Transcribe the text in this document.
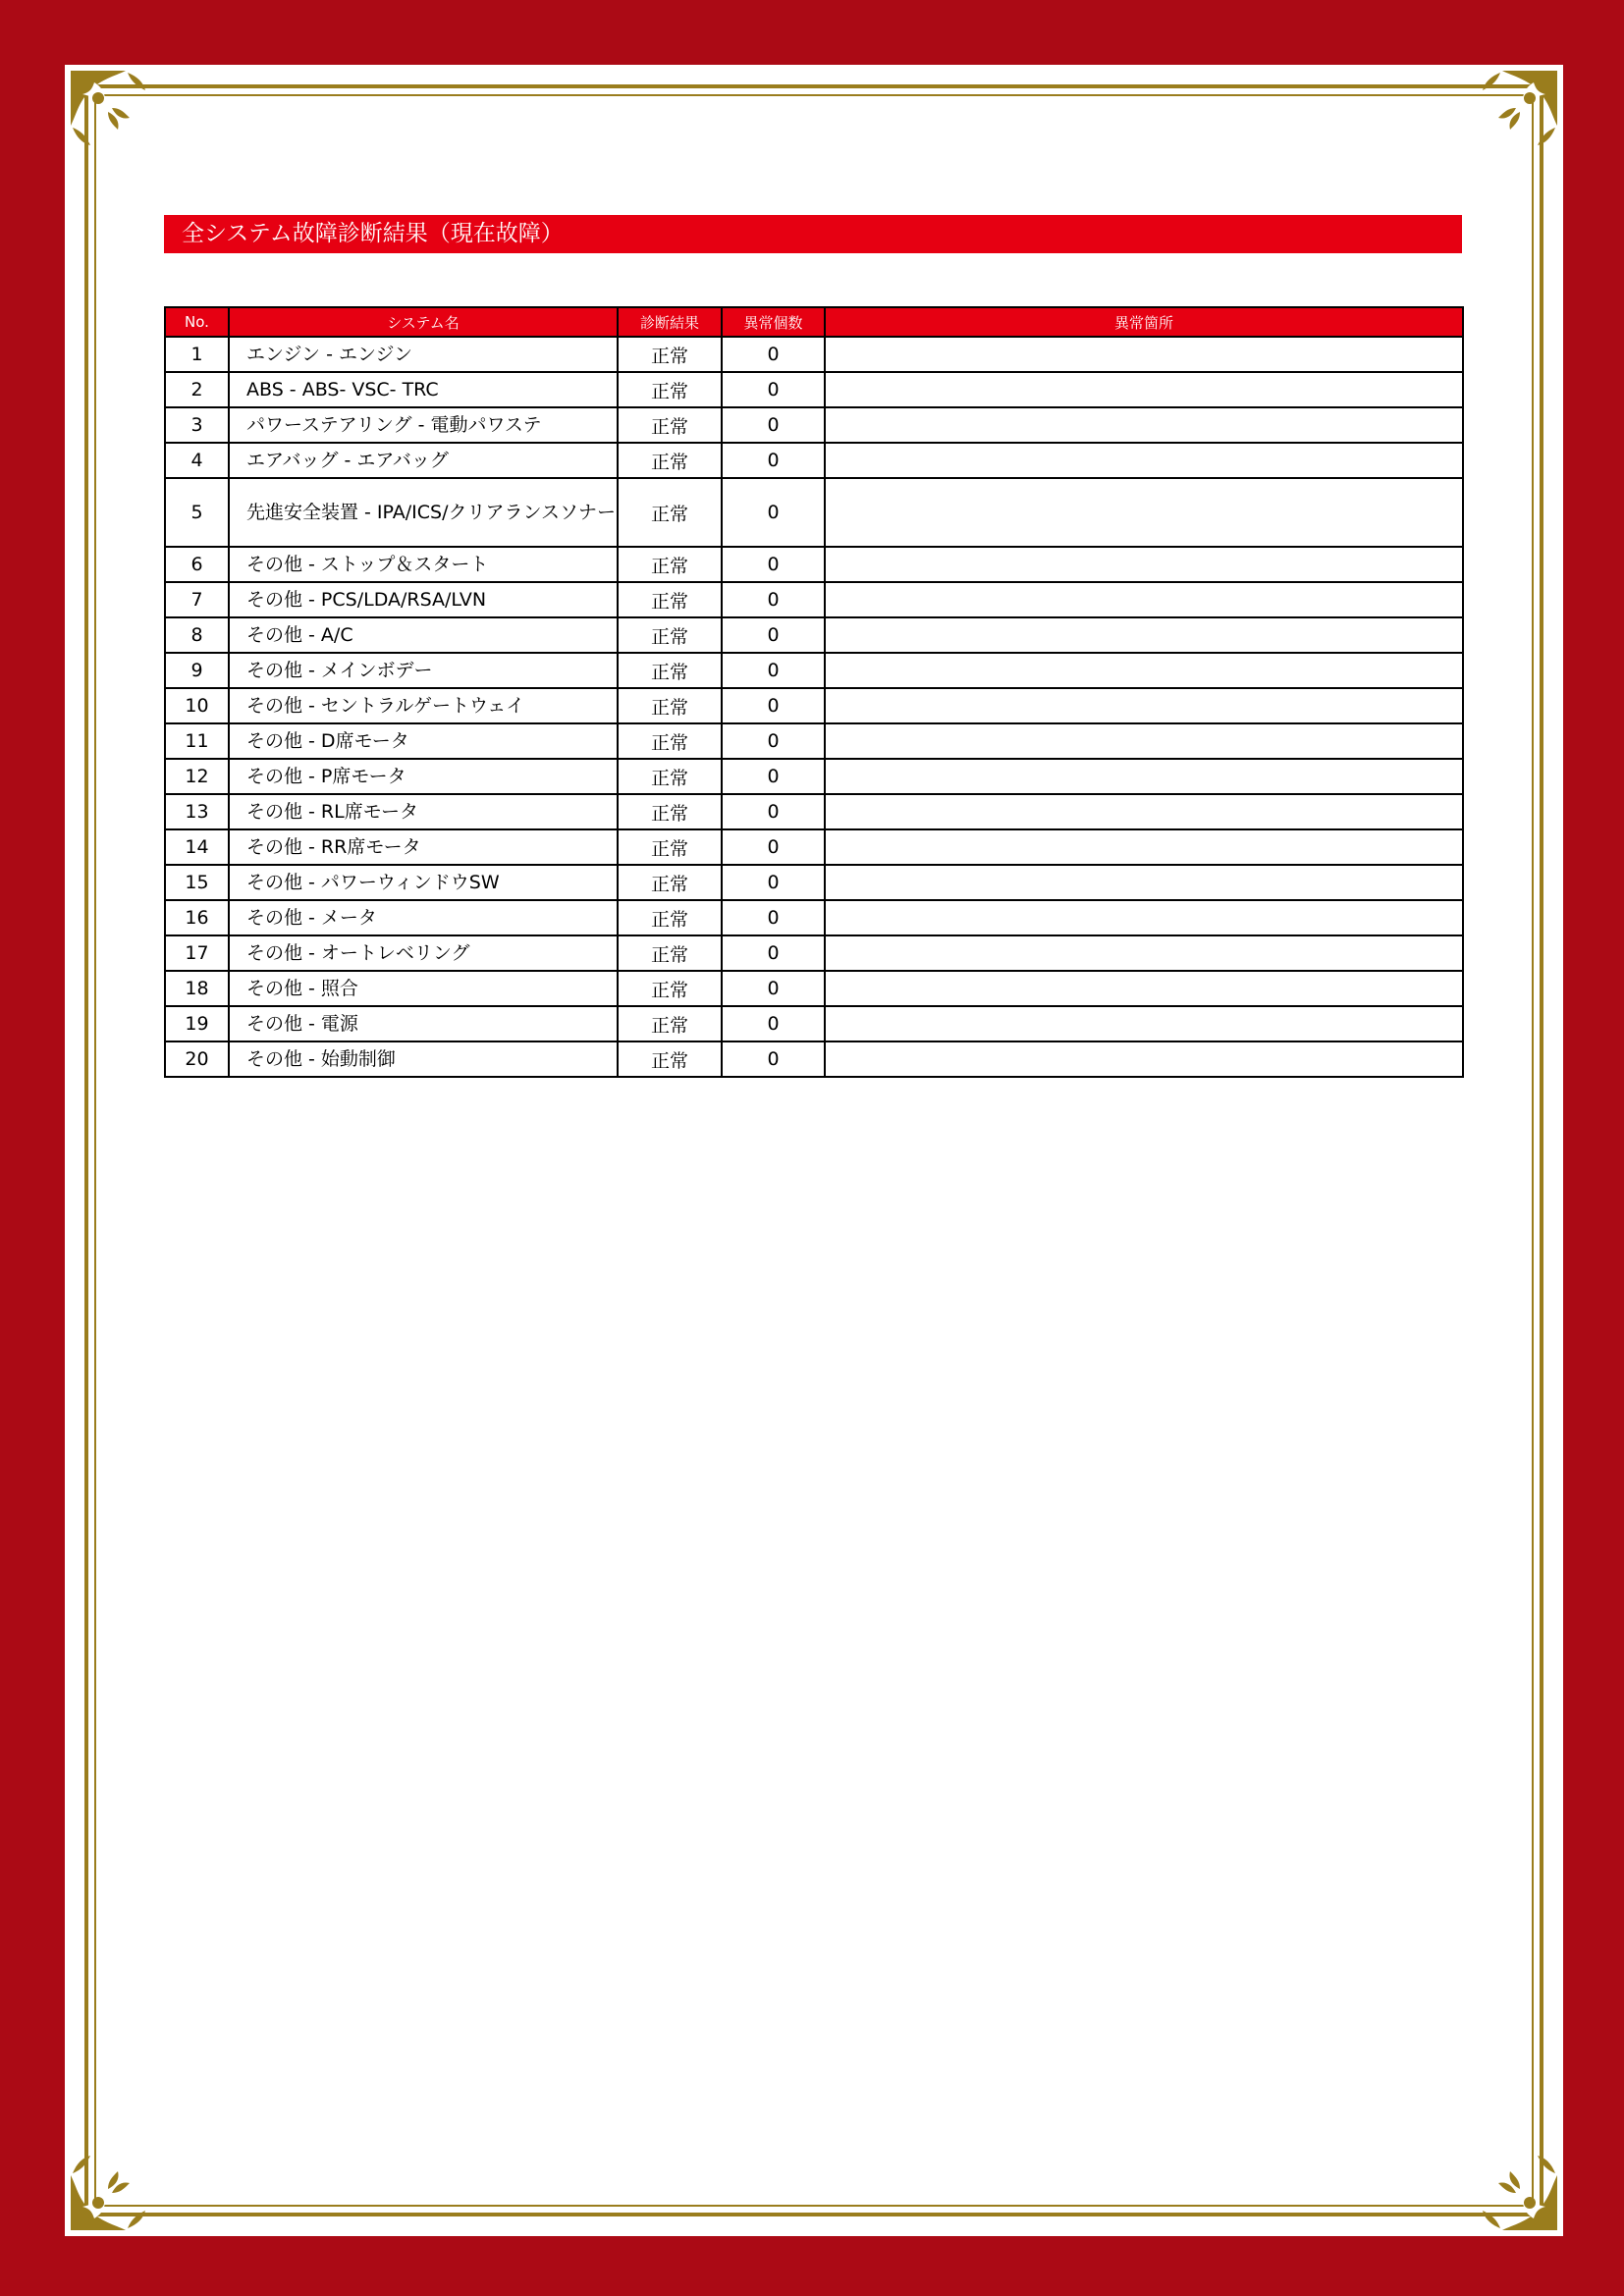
全システム故障診断結果（現在故障）
No.	システム名	診断結果	異常個数	異常箇所
1	エンジン - エンジン	正常	0	
2	ABS - ABS- VSC- TRC	正常	0	
3	パワーステアリング - 電動パワステ	正常	0	
4	エアバッグ - エアバッグ	正常	0	
5	先進安全装置 - IPA/ICS/クリアランスソナー	正常	0	
6	その他 - ストップ＆スタート	正常	0	
7	その他 - PCS/LDA/RSA/LVN	正常	0	
8	その他 - A/C	正常	0	
9	その他 - メインボデー	正常	0	
10	その他 - セントラルゲートウェイ	正常	0	
11	その他 - D席モータ	正常	0	
12	その他 - P席モータ	正常	0	
13	その他 - RL席モータ	正常	0	
14	その他 - RR席モータ	正常	0	
15	その他 - パワーウィンドウSW	正常	0	
16	その他 - メータ	正常	0	
17	その他 - オートレベリング	正常	0	
18	その他 - 照合	正常	0	
19	その他 - 電源	正常	0	
20	その他 - 始動制御	正常	0	
